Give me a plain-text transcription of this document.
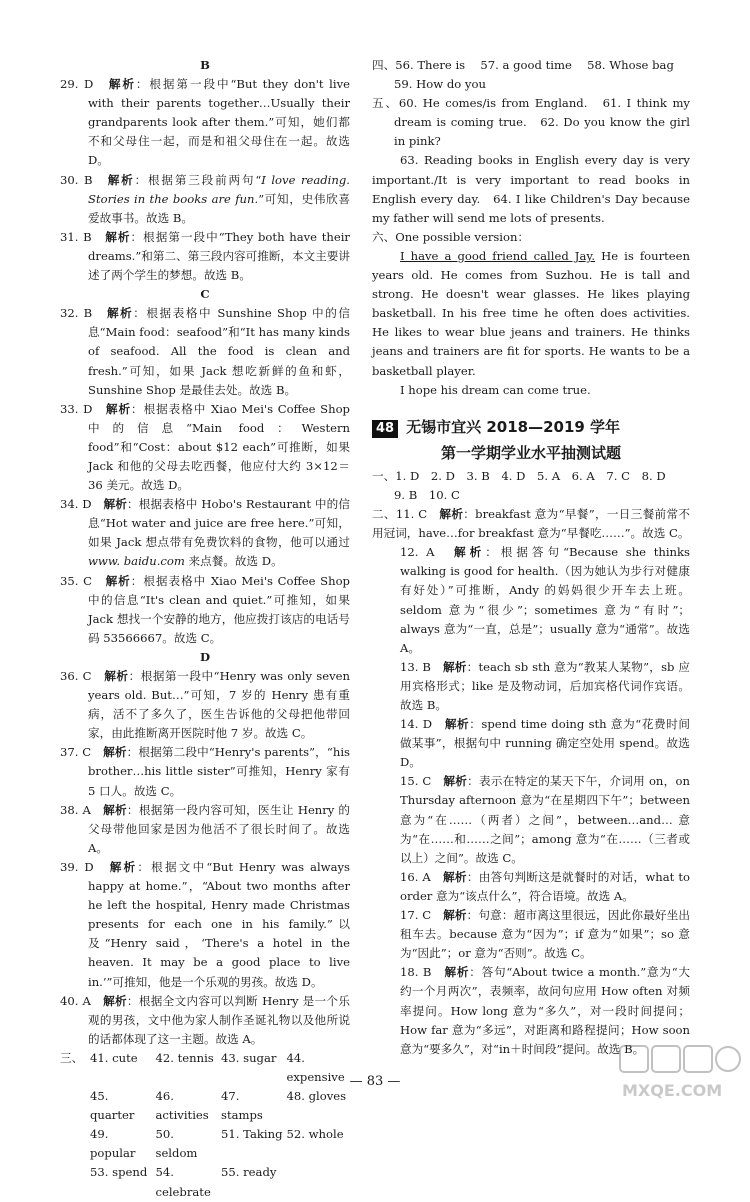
B

29. D　 解析：根据第一段中“But they don't live with their parents together…Usually their grandparents look after them.”可知，她们都不和父母住一起，而是和祖父母住在一起。故选 D。

30. B　 解析：根据第三段前两句“I love reading. Stories in the books are fun.”可知，史伟欣喜爱故事书。故选 B。

31. B　 解析：根据第一段中“They both have their dreams.”和第二、第三段内容可推断，本文主要讲述了两个学生的梦想。故选 B。

C

32. B　 解析：根据表格中 Sunshine Shop 中的信息“Main food：seafood”和“It has many kinds of seafood. All the food is clean and fresh.”可知，如果 Jack 想吃新鲜的鱼和虾，Sunshine Shop 是最佳去处。故选 B。

33. D　 解析：根据表格中 Xiao Mei's Coffee Shop 中的信息“Main food：Western food”和“Cost：about $12 each”可推断，如果 Jack 和他的父母去吃西餐，他应付大约 3×12＝36 美元。故选 D。

34. D　 解析：根据表格中 Hobo's Restaurant 中的信息“Hot water and juice are free here.”可知，如果 Jack 想点带有免费饮料的食物，他可以通过www. baidu.com 来点餐。故选 D。

35. C　 解析：根据表格中 Xiao Mei's Coffee Shop 中的信息“It's clean and quiet.”可推知，如果 Jack 想找一个安静的地方，他应拨打该店的电话号码 53566667。故选 C。

D

36. C　 解析：根据第一段中“Henry was only seven years old. But…”可知，7 岁的 Henry 患有重病，活不了多久了，医生告诉他的父母把他带回家，由此推断离开医院时他 7 岁。故选 C。

37. C　 解析：根据第二段中“Henry's parents”，“his brother…his little sister”可推知，Henry 家有 5 口人。故选 C。

38. A　 解析：根据第一段内容可知，医生让 Henry 的父母带他回家是因为他活不了很长时间了。故选 A。

39. D　 解析：根据文中“But Henry was always happy at home.”，“About two months after he left the hospital, Henry made Christmas presents for each one in his family.”以及“Henry said，‘There's a hotel in the heaven. It may be a good place to live in.’”可推知，他是一个乐观的男孩。故选 D。

40. A　 解析：根据全文内容可以判断 Henry 是一个乐观的男孩，文中他为家人制作圣诞礼物以及他所说的话都体现了这一主题。故选 A。

三、 41. cute	42. tennis 43. sugar 44. expensive
45. quarter
46. activities
47. stamps
48. gloves
49. popular
50. seldom
51. Taking 52. whole
53. spend 54. celebrate
55. ready

四、56. There is　 57. a good time　 58. Whose bag
59. How do you

五、60. He comes/is from England.　61. I think my dream is coming true.　62. Do you know the girl in pink?

63. Reading books in English every day is very important./It is very important to read books in English every day.　64. I like Children's Day because my father will send me lots of presents.

六、One possible version：

I have a good friend called Jay. He is fourteen years old. He comes from Suzhou. He is tall and strong. He doesn't wear glasses. He likes playing basketball. In his free time he often does activities. He likes to wear blue jeans and trainers. He thinks jeans and trainers are fit for sports. He wants to be a basketball player.

I hope his dream can come true.

48 无锡市宜兴 2018—2019 学年

第一学期学业水平抽测试题

一、1. D　2. D　3. B　4. D　5. A　6. A　7. C　8. D
9. B　10. C

二、11. C　 解析：breakfast 意为“早餐”，一日三餐前常不用冠词，have…for breakfast 意为“早餐吃……”。故选 C。

12. A　 解析：根据答句“Because she thinks walking is good for health.（因为她认为步行对健康有好处）”可推断，Andy 的妈妈很少开车去上班。seldom 意为“很少”；sometimes 意为“有时”；always 意为“一直，总是”；usually 意为“通常”。故选 A。

13. B　 解析：teach sb sth 意为“教某人某物”，sb 应用宾格形式；like 是及物动词，后加宾格代词作宾语。故选 B。

14. D　 解析：spend time doing sth 意为“花费时间做某事”，根据句中 running 确定空处用 spend。故选 D。

15. C　 解析：表示在特定的某天下午，介词用 on，on Thursday afternoon 意为“在星期四下午”；between 意为“在……（两者）之间”，between…and… 意为“在……和……之间”；among 意为“在……（三者或以上）之间”。故选 C。

16. A　 解析：由答句判断这是就餐时的对话，what to order 意为“该点什么”，符合语境。故选 A。

17. C　 解析：句意：超市离这里很远，因此你最好坐出租车去。because 意为“因为”；if 意为“如果”；so 意为“因此”；or 意为“否则”。故选 C。

18. B　 解析：答句“About twice a month.”意为“大约一个月两次”，表频率，故问句应用 How often 对频率提问。How long 意为“多久”，对一段时间提问；How far 意为“多远”，对距离和路程提问；How soon 意为“要多久”，对“in＋时间段”提问。故选 B。

— 83 —	MXQE.COM
